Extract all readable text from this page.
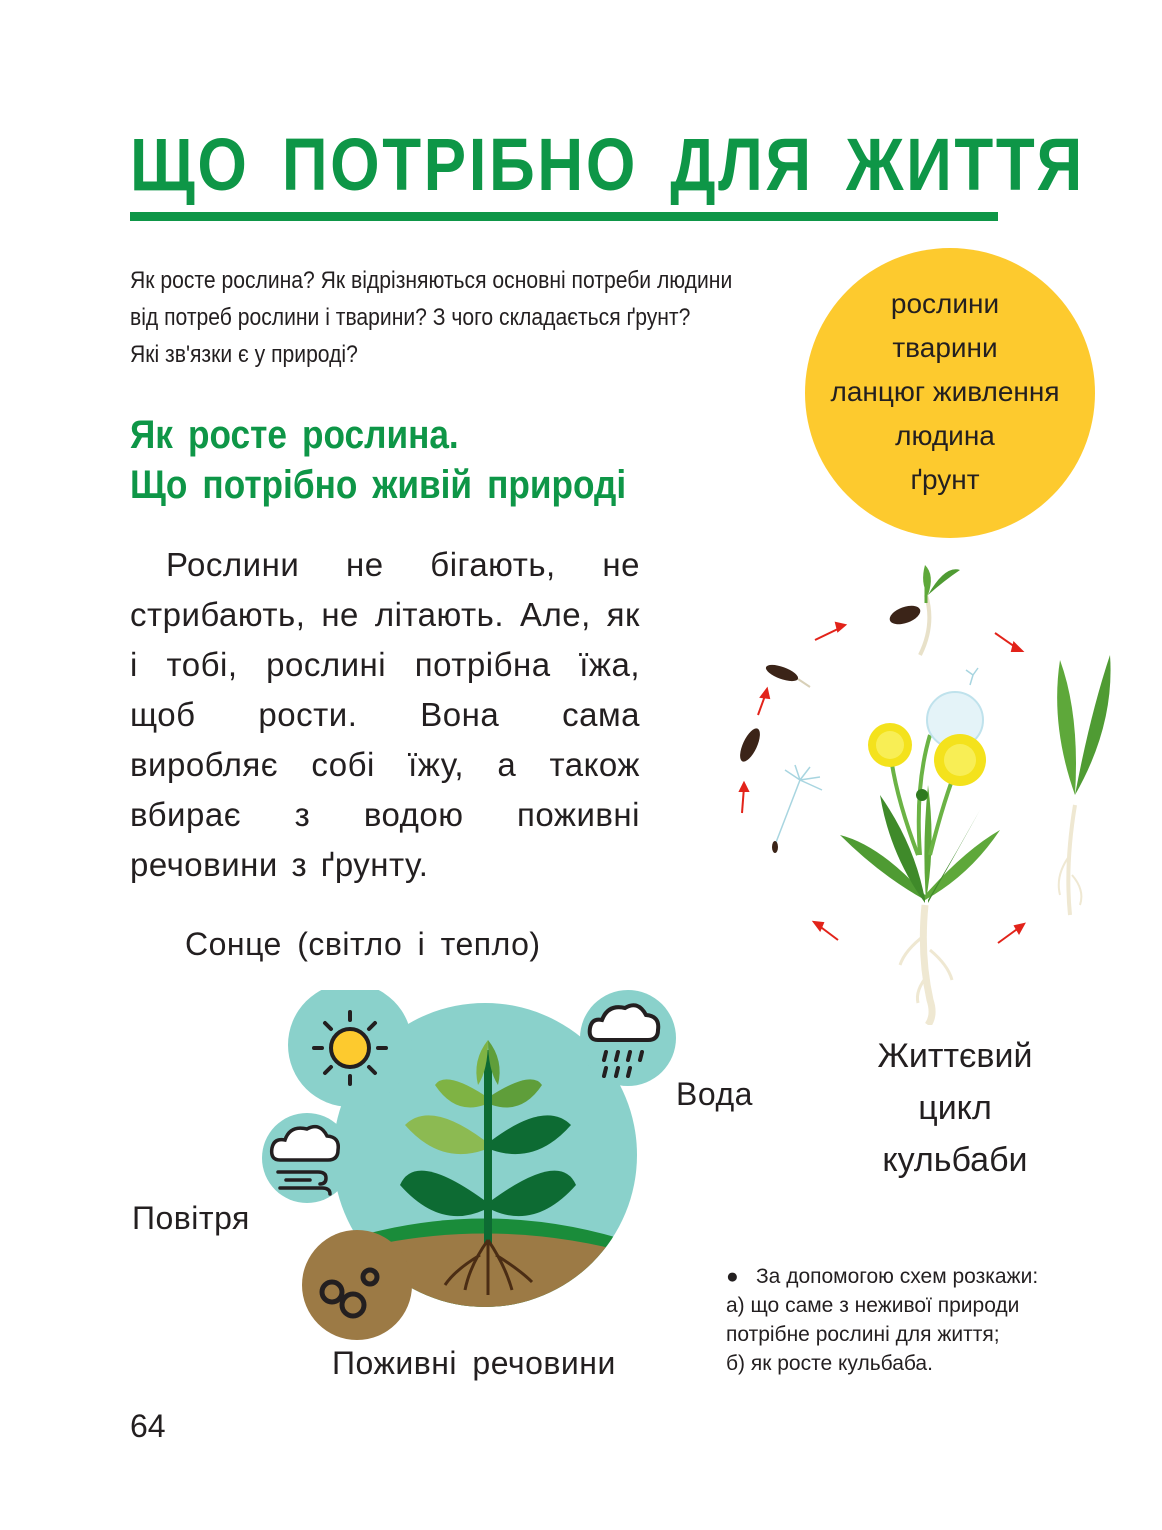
ЩО ПОТРІБНО ДЛЯ ЖИТТЯ
Як росте рослина? Як відрізняються основні потреби людини
від потреб рослини і тварини? З чого складається ґрунт?
Які зв'язки є у природі?
рослини
тварини
ланцюг живлення
людина
ґрунт
Як росте рослина.
Що потрібно живій природі
Рослини не бігають, не стрибають, не літають. Але, як і тобі, рослині потрібна їжа, щоб рости. Вона сама виробляє собі їжу, а також вбирає з водою поживні речовини з ґрунту.
Життєвий
цикл
кульбаби
Сонце (світло і тепло)
Вода
Повітря
Поживні речовини
● За допомогою схем розкажи:
а) що саме з неживої природи
потрібне рослині для життя;
б) як росте кульбаба.
64
